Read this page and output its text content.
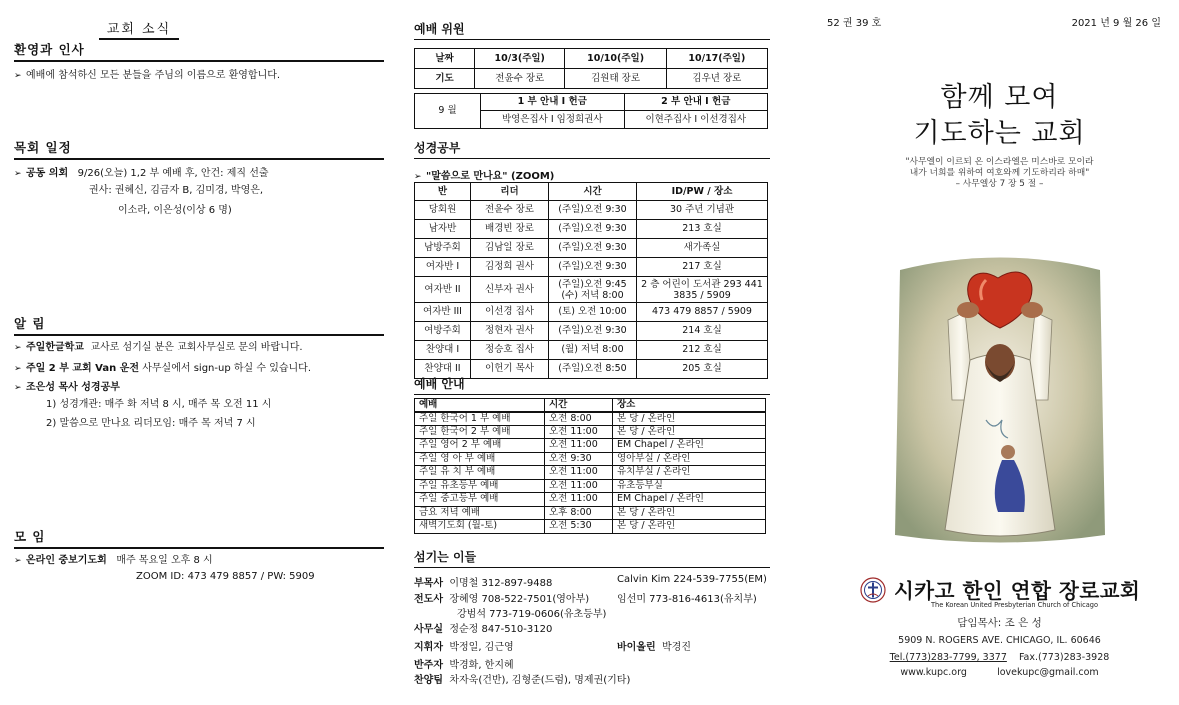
교회 소식
환영과 인사
➢ 예배에 참석하신 모든 분들을 주님의 이름으로 환영합니다.
목회 일정
➢ 공동 의회 9/26(오늘) 1,2 부 예배 후, 안건: 제직 선출
권사: 권혜신, 김금자 B, 김미경, 박영은,
이소라, 이은성(이상 6 명)
알 림
➢ 주일한글학교 교사로 섬기실 분은 교회사무실로 문의 바랍니다.
➢ 주일 2 부 교회 Van 운전 사무실에서 sign-up 하실 수 있습니다.
➢ 조은성 목사 성경공부
1) 성경개관: 매주 화 저녁 8 시, 매주 목 오전 11 시
2) 말씀으로 만나요 리더모임: 매주 목 저녁 7 시
모 임
➢ 온라인 중보기도회 매주 목요일 오후 8 시
ZOOM ID: 473 479 8857 / PW: 5909
예배 위원
날짜	10/3(주일)	10/10(주일)	10/17(주일)
기도	전윤수 장로	김원태 장로	김우년 장로
9 월	1 부 안내 I 헌금	2 부 안내 I 헌금
	박영은집사 I 임정희권사	이현주집사 I 이선경집사
성경공부
➢ "말씀으로 만나요" (ZOOM)
반	리더	시간	ID/PW / 장소
당회원	전윤수 장로	(주일)오전 9:30	30 주년 기념관
남자반	배경빈 장로	(주일)오전 9:30	213 호실
남방주회	김남일 장로	(주일)오전 9:30	새가족실
여자반 I	김정희 권사	(주일)오전 9:30	217 호실
여자반 II	신부자 권사	(주일)오전 9:45 (수) 저녁 8:00	2 층 어린이 도서관 293 441 3835 / 5909
여자반 III	이선경 집사	(토) 오전 10:00	473 479 8857 / 5909
여방주회	정현자 권사	(주일)오전 9:30	214 호실
찬양대 I	정승호 집사	(월) 저녁 8:00	212 호실
찬양대 II	이헌기 목사	(주일)오전 8:50	205 호실
예배 안내
예배	시간	장소
주일 한국어 1 부 예배	오전 8:00	본 당 / 온라인
주일 한국어 2 부 예배	오전 11:00	본 당 / 온라인
주일 영어 2 부 예배	오전 11:00	EM Chapel / 온라인
주일 영 아 부 예배	오전 9:30	영아부실 / 온라인
주일 유 치 부 예배	오전 11:00	유치부실 / 온라인
주일 유초등부 예배	오전 11:00	유초등부실
주일 중고등부 예배	오전 11:00	EM Chapel / 온라인
금요 저녁 예배	오후 8:00	본 당 / 온라인
새벽기도회 (월-토)	오전 5:30	본 당 / 온라인
섬기는 이들
부목사 이명철 312-897-9488	Calvin Kim 224-539-7755(EM)
전도사 장혜영 708-522-7501(영아부)	임선미 773-816-4613(유치부)
강범석 773-719-0606(유초등부)
사무실 정순정 847-510-3120
지휘자 박정일, 김근영	바이올린 박경진
반주자 박경화, 한지혜
찬양팀 차자욱(건반), 김형준(드럼), 명제권(기타)
52 권 39 호	2021 년 9 월 26 일
함께 모여
기도하는 교회
"사무엘이 이르되 온 이스라엘은 미스바로 모이라
내가 너희를 위하여 여호와께 기도하리라 하매"
– 사무엘상 7 장 5 절 –
시카고 한인 연합 장로교회
The Korean United Presbyterian Church of Chicago
담임목사: 조 은 성
5909 N. ROGERS AVE. CHICAGO, IL. 60646
Tel.(773)283-7799, 3377 Fax.(773)283-3928
www.kupc.org	lovekupc@gmail.com
